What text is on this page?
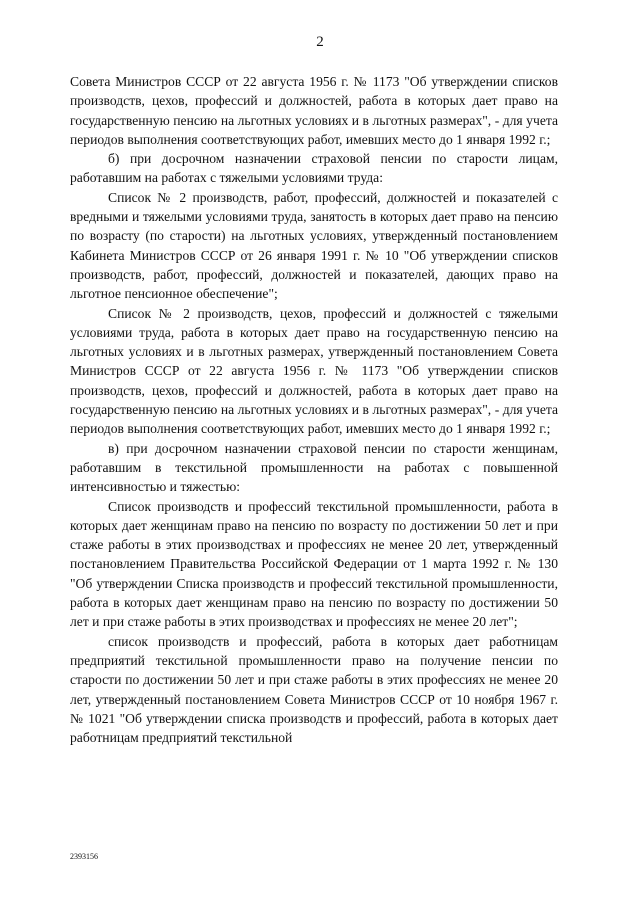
2

Совета Министров СССР от 22 августа 1956 г. № 1173 "Об утверждении списков производств, цехов, профессий и должностей, работа в которых дает право на государственную пенсию на льготных условиях и в льготных размерах", - для учета периодов выполнения соответствующих работ, имевших место до 1 января 1992 г.;

б) при досрочном назначении страховой пенсии по старости лицам, работавшим на работах с тяжелыми условиями труда:

Список № 2 производств, работ, профессий, должностей и показателей с вредными и тяжелыми условиями труда, занятость в которых дает право на пенсию по возрасту (по старости) на льготных условиях, утвержденный постановлением Кабинета Министров СССР от 26 января 1991 г. № 10 "Об утверждении списков производств, работ, профессий, должностей и показателей, дающих право на льготное пенсионное обеспечение";

Список № 2 производств, цехов, профессий и должностей с тяжелыми условиями труда, работа в которых дает право на государственную пенсию на льготных условиях и в льготных размерах, утвержденный постановлением Совета Министров СССР от 22 августа 1956 г. № 1173 "Об утверждении списков производств, цехов, профессий и должностей, работа в которых дает право на государственную пенсию на льготных условиях и в льготных размерах", - для учета периодов выполнения соответствующих работ, имевших место до 1 января 1992 г.;

в) при досрочном назначении страховой пенсии по старости женщинам, работавшим в текстильной промышленности на работах с повышенной интенсивностью и тяжестью:

Список производств и профессий текстильной промышленности, работа в которых дает женщинам право на пенсию по возрасту по достижении 50 лет и при стаже работы в этих производствах и профессиях не менее 20 лет, утвержденный постановлением Правительства Российской Федерации от 1 марта 1992 г. № 130 "Об утверждении Списка производств и профессий текстильной промышленности, работа в которых дает женщинам право на пенсию по возрасту по достижении 50 лет и при стаже работы в этих производствах и профессиях не менее 20 лет";

список производств и профессий, работа в которых дает работницам предприятий текстильной промышленности право на получение пенсии по старости по достижении 50 лет и при стаже работы в этих профессиях не менее 20 лет, утвержденный постановлением Совета Министров СССР от 10 ноября 1967 г. № 1021 "Об утверждении списка производств и профессий, работа в которых дает работницам предприятий текстильной

2393156
